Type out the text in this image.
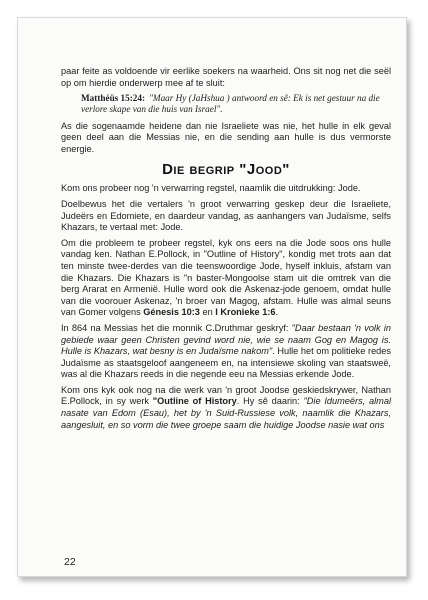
paar feite as voldoende vir eerlike soekers na waarheid. Ons sit nog net die seël op om hierdie onderwerp mee af te sluit:

Matthéüs 15:24: "Maar Hy (JaHshua ) antwoord en sê: Ek is net gestuur na die verlore skape van die huis van Israel".

As die sogenaamde heidene dan nie Israeliete was nie, het hulle in elk geval geen deel aan die Messias nie, en die sending aan hulle is dus vermorste energie.

Die begrip "Jood"

Kom ons probeer nog 'n verwarring regstel, naamlik die uitdrukking: Jode.

Doelbewus het die vertalers 'n groot verwarring geskep deur die Israeliete, Judeërs en Edomiete, en daardeur vandag, as aanhangers van Judaïsme, selfs Khazars, te vertaal met: Jode.

Om die probleem te probeer regstel, kyk ons eers na die Jode soos ons hulle vandag ken. Nathan E.Pollock, in "Outline of History", kondig met trots aan dat ten minste twee-derdes van die teenswoordige Jode, hyself inkluis, afstam van die Khazars. Die Khazars is "n baster-Mongoolse stam uit die omtrek van die berg Ararat en Armenië. Hulle word ook die Askenaz-jode genoem, omdat hulle van die voorouer Askenaz, 'n broer van Magog, afstam. Hulle was almal seuns van Gomer volgens Génesis 10:3 en I Kronieke 1:6.

In 864 na Messias het die monnik C.Druthmar geskryf: "Daar bestaan 'n volk in gebiede waar geen Christen gevind word nie, wie se naam Gog en Magog is. Hulle is Khazars, wat besny is en Judaïsme nakom". Hulle het om politieke redes Judaïsme as staatsgeloof aangeneem en, na intensiewe skoling van staatsweë, was al die Khazars reeds in die negende eeu na Messias erkende Jode.

Kom ons kyk ook nog na die werk van 'n groot Joodse geskiedskrywer, Nathan E.Pollock, in sy werk "Outline of History. Hy sê daarin: "Die Idumeërs, almal nasate van Edom (Esau), het by 'n Suid-Russiese volk, naamlik die Khazars, aangesluit, en so vorm die twee groepe saam die huidige Joodse nasie wat ons

22
